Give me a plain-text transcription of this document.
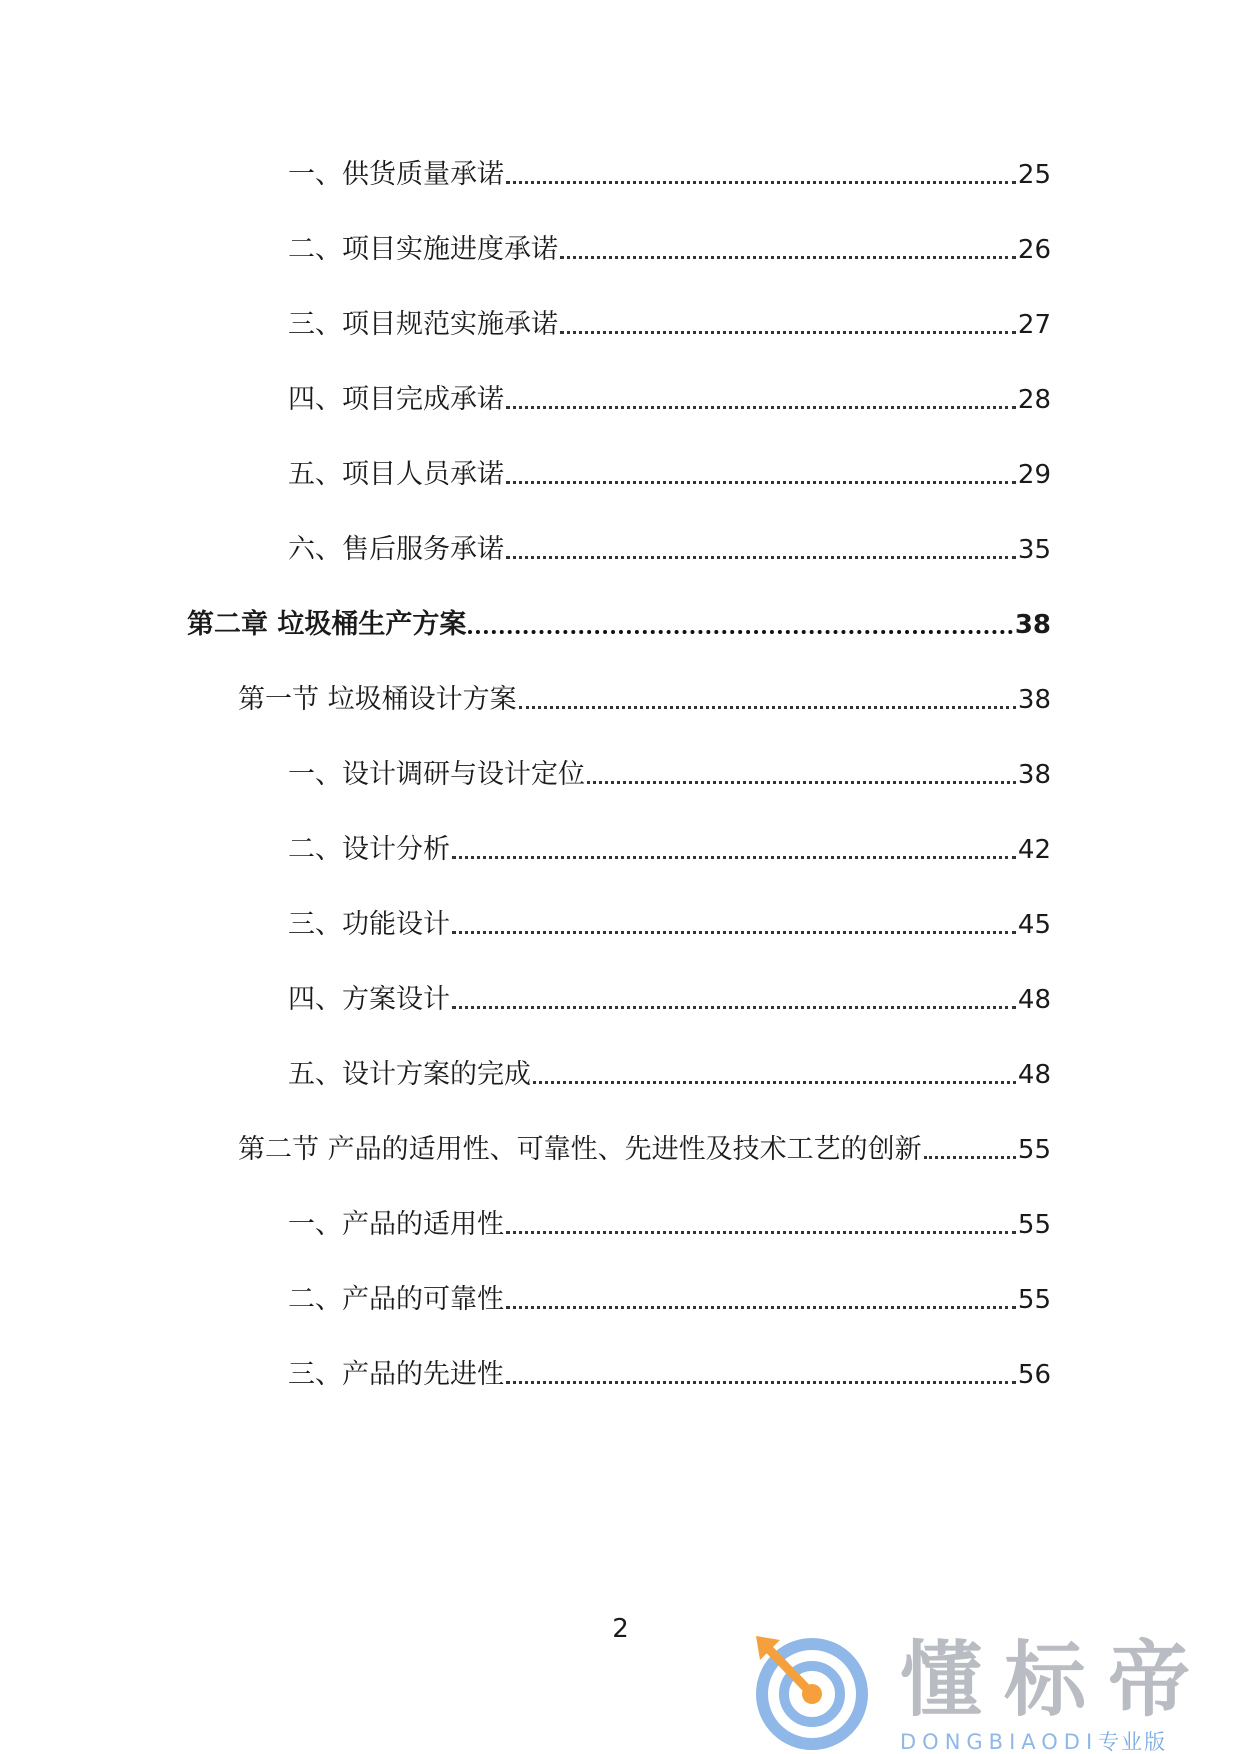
一、供货质量承诺	25
二、项目实施进度承诺	26
三、项目规范实施承诺	27
四、项目完成承诺	28
五、项目人员承诺	29
六、售后服务承诺	35
第二章 垃圾桶生产方案	38
第一节 垃圾桶设计方案	38
一、设计调研与设计定位	38
二、设计分析	42
三、功能设计	45
四、方案设计	48
五、设计方案的完成	48
第二节 产品的适用性、可靠性、先进性及技术工艺的创新	55
一、产品的适用性	55
二、产品的可靠性	55
三、产品的先进性	56
2
懂标帝
DONGBIAODI专业版
